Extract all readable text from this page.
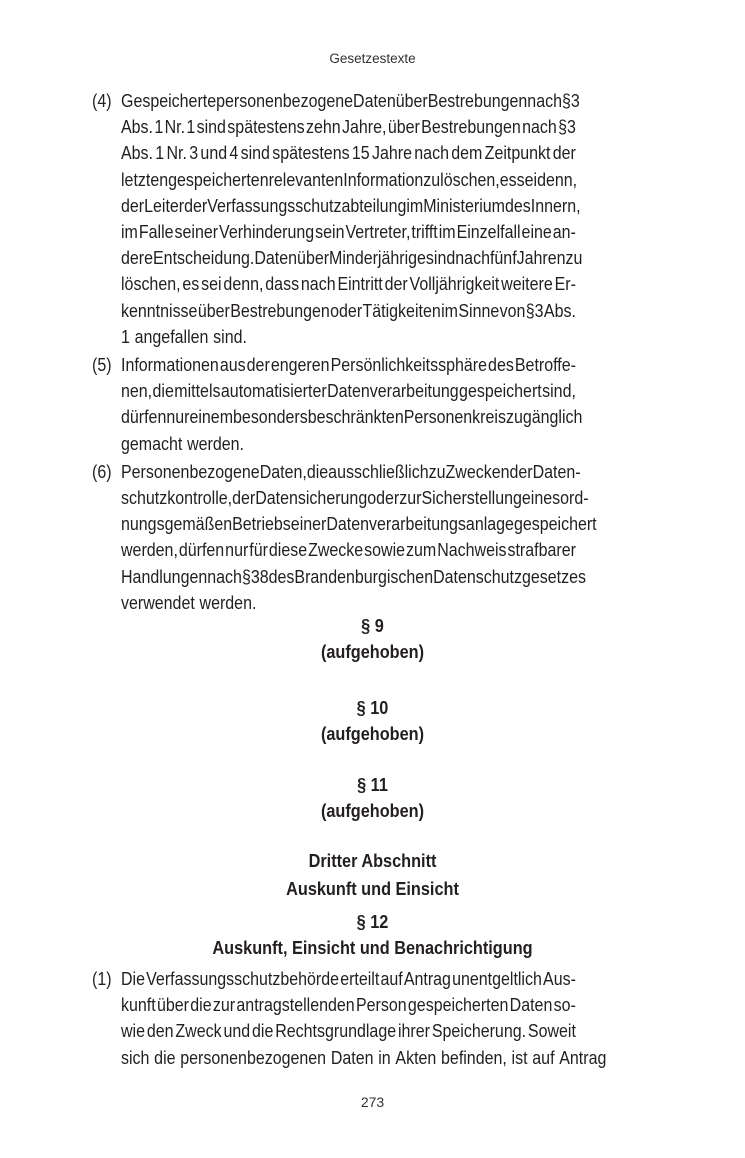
Gesetzestexte
(4) Gespeicherte personenbezogene Daten über Bestrebungen nach §3
Abs. 1 Nr. 1 sind spätestens zehn Jahre, über Bestrebungen nach §3
Abs. 1 Nr. 3 und 4 sind spätestens 15 Jahre nach dem Zeitpunkt der
letzten gespeicherten relevanten Information zu löschen, es sei denn,
der Leiter der Verfassungsschutzabteilung im Ministerium des Innern,
im Falle seiner Verhinderung sein Vertreter, trifft im Einzelfall eine an-
dere Entscheidung. Daten über Minderjährige sind nach fünf Jahren zu
löschen, es sei denn, dass nach Eintritt der Volljährigkeit weitere Er-
kenntnisse über Bestrebungen oder Tätigkeiten im Sinne von §3 Abs.
1 angefallen sind.
(5) Informationen aus der engeren Persönlichkeitssphäre des Betroffe-
nen, die mittels automatisierter Datenverarbeitung gespeichert sind,
dürfen nur einem besonders beschränkten Personenkreis zugänglich
gemacht werden.
(6) Personenbezogene Daten, die ausschließlich zu Zwecken der Daten-
schutzkontrolle, der Datensicherung oder zur Sicherstellung eines ord-
nungsgemäßen Betriebs einer Datenverarbeitungsanlage gespeichert
werden, dürfen nur für diese Zwecke sowie zum Nachweis strafbarer
Handlungen nach § 38 des Brandenburgischen Datenschutzgesetzes
verwendet werden.
§ 9
(aufgehoben)
§ 10
(aufgehoben)
§ 11
(aufgehoben)
Dritter Abschnitt
Auskunft und Einsicht
§ 12
Auskunft, Einsicht und Benachrichtigung
(1) Die Verfassungsschutzbehörde erteilt auf Antrag unentgeltlich Aus-
kunft über die zur antragstellenden Person gespeicherten Daten so-
wie den Zweck und die Rechtsgrundlage ihrer Speicherung. Soweit
sich die personenbezogenen Daten in Akten befinden, ist auf Antrag
273
